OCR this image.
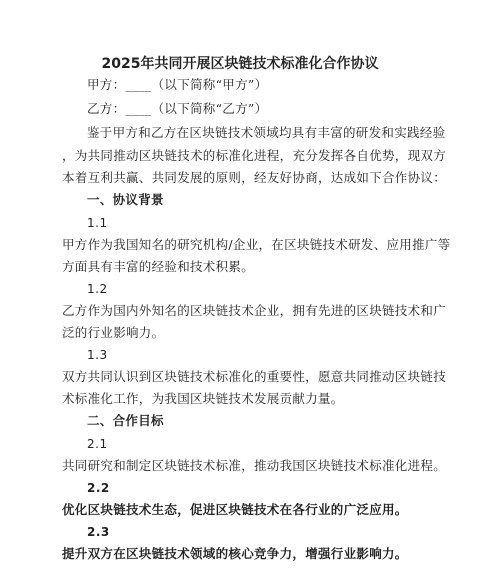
2025年共同开展区块链技术标准化合作协议
甲方：____（以下简称“甲方”）
乙方：____（以下简称“乙方”）
鉴于甲方和乙方在区块链技术领域均具有丰富的研发和实践经验
，为共同推动区块链技术的标准化进程，充分发挥各自优势，现双方
本着互利共赢、共同发展的原则，经友好协商，达成如下合作协议：
一、协议背景
1.1
甲方作为我国知名的研究机构/企业，在区块链技术研发、应用推广等
方面具有丰富的经验和技术积累。
1.2
乙方作为国内外知名的区块链技术企业，拥有先进的区块链技术和广
泛的行业影响力。
1.3
双方共同认识到区块链技术标准化的重要性，愿意共同推动区块链技
术标准化工作，为我国区块链技术发展贡献力量。
二、合作目标
2.1
共同研究和制定区块链技术标准，推动我国区块链技术标准化进程。
2.2
优化区块链技术生态，促进区块链技术在各行业的广泛应用。
2.3
提升双方在区块链技术领域的核心竞争力，增强行业影响力。
